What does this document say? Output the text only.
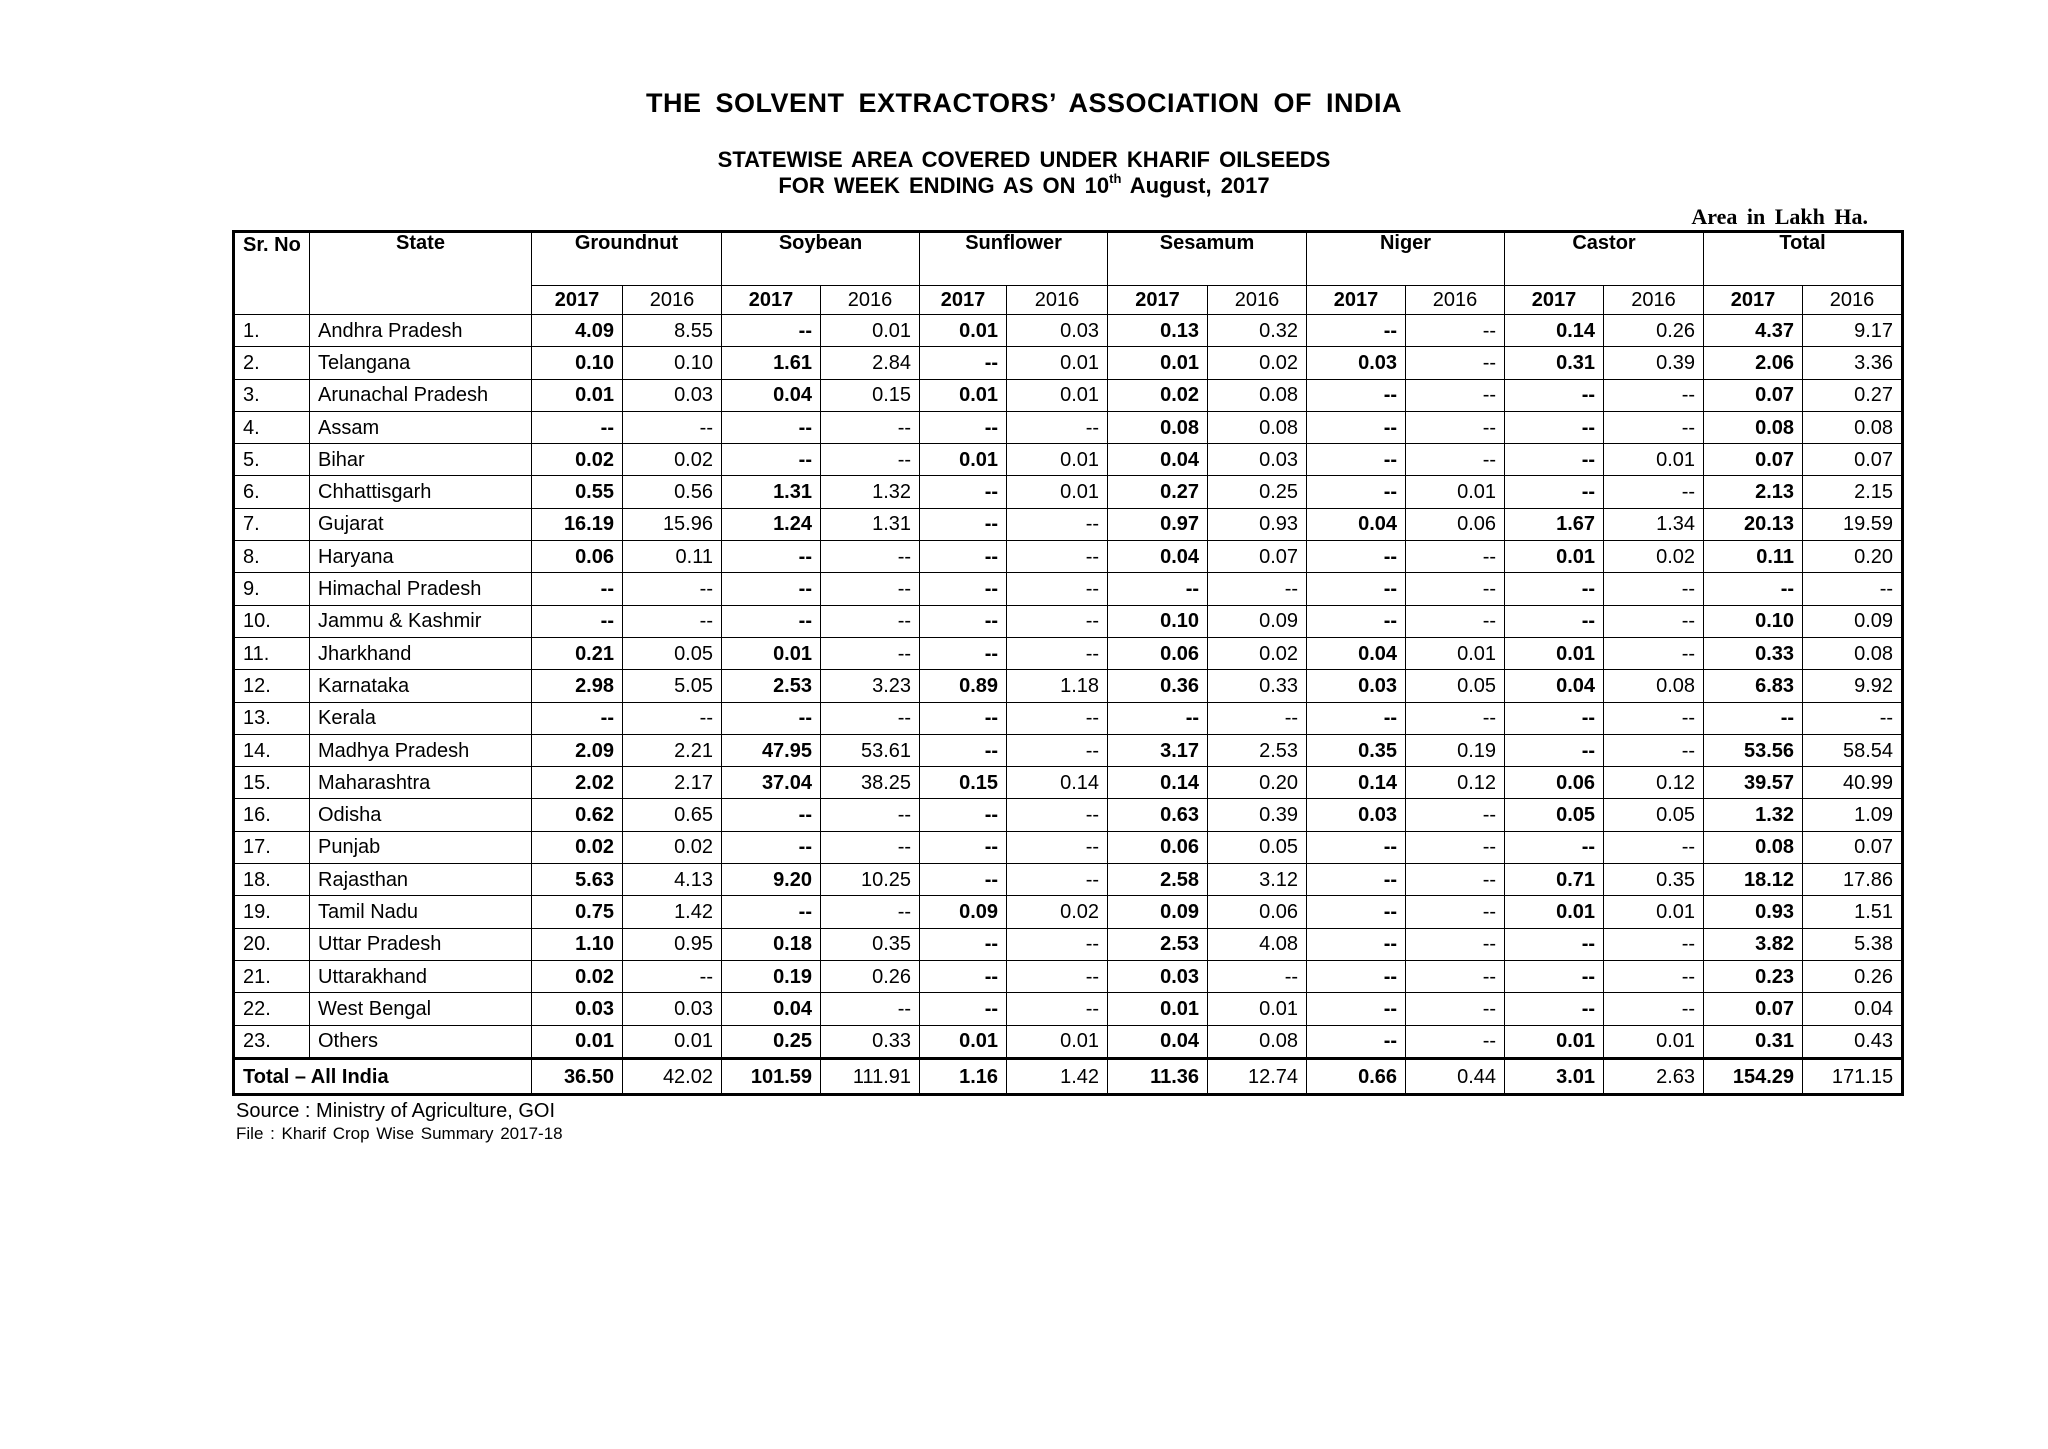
THE SOLVENT EXTRACTORS’ ASSOCIATION OF INDIA
STATEWISE AREA COVERED UNDER KHARIF OILSEEDS
FOR WEEK ENDING AS ON 10th August, 2017
Area in Lakh Ha.
Sr. No	State	Groundnut		Soybean		Sunflower		Sesamum		Niger		Castor		Total	
		2017	2016	2017	2016	2017	2016	2017	2016	2017	2016	2017	2016	2017	2016
1.	Andhra Pradesh	4.09	8.55	--	0.01	0.01	0.03	0.13	0.32	--	--	0.14	0.26	4.37	9.17
2.	Telangana	0.10	0.10	1.61	2.84	--	0.01	0.01	0.02	0.03	--	0.31	0.39	2.06	3.36
3.	Arunachal Pradesh	0.01	0.03	0.04	0.15	0.01	0.01	0.02	0.08	--	--	--	--	0.07	0.27
4.	Assam	--	--	--	--	--	--	0.08	0.08	--	--	--	--	0.08	0.08
5.	Bihar	0.02	0.02	--	--	0.01	0.01	0.04	0.03	--	--	--	0.01	0.07	0.07
6.	Chhattisgarh	0.55	0.56	1.31	1.32	--	0.01	0.27	0.25	--	0.01	--	--	2.13	2.15
7.	Gujarat	16.19	15.96	1.24	1.31	--	--	0.97	0.93	0.04	0.06	1.67	1.34	20.13	19.59
8.	Haryana	0.06	0.11	--	--	--	--	0.04	0.07	--	--	0.01	0.02	0.11	0.20
9.	Himachal Pradesh	--	--	--	--	--	--	--	--	--	--	--	--	--	--
10.	Jammu & Kashmir	--	--	--	--	--	--	0.10	0.09	--	--	--	--	0.10	0.09
11.	Jharkhand	0.21	0.05	0.01	--	--	--	0.06	0.02	0.04	0.01	0.01	--	0.33	0.08
12.	Karnataka	2.98	5.05	2.53	3.23	0.89	1.18	0.36	0.33	0.03	0.05	0.04	0.08	6.83	9.92
13.	Kerala	--	--	--	--	--	--	--	--	--	--	--	--	--	--
14.	Madhya Pradesh	2.09	2.21	47.95	53.61	--	--	3.17	2.53	0.35	0.19	--	--	53.56	58.54
15.	Maharashtra	2.02	2.17	37.04	38.25	0.15	0.14	0.14	0.20	0.14	0.12	0.06	0.12	39.57	40.99
16.	Odisha	0.62	0.65	--	--	--	--	0.63	0.39	0.03	--	0.05	0.05	1.32	1.09
17.	Punjab	0.02	0.02	--	--	--	--	0.06	0.05	--	--	--	--	0.08	0.07
18.	Rajasthan	5.63	4.13	9.20	10.25	--	--	2.58	3.12	--	--	0.71	0.35	18.12	17.86
19.	Tamil Nadu	0.75	1.42	--	--	0.09	0.02	0.09	0.06	--	--	0.01	0.01	0.93	1.51
20.	Uttar Pradesh	1.10	0.95	0.18	0.35	--	--	2.53	4.08	--	--	--	--	3.82	5.38
21.	Uttarakhand	0.02	--	0.19	0.26	--	--	0.03	--	--	--	--	--	0.23	0.26
22.	West Bengal	0.03	0.03	0.04	--	--	--	0.01	0.01	--	--	--	--	0.07	0.04
23.	Others	0.01	0.01	0.25	0.33	0.01	0.01	0.04	0.08	--	--	0.01	0.01	0.31	0.43
Total – All India		36.50	42.02	101.59	111.91	1.16	1.42	11.36	12.74	0.66	0.44	3.01	2.63	154.29	171.15
Source : Ministry of Agriculture, GOI
File : Kharif Crop Wise Summary 2017-18
